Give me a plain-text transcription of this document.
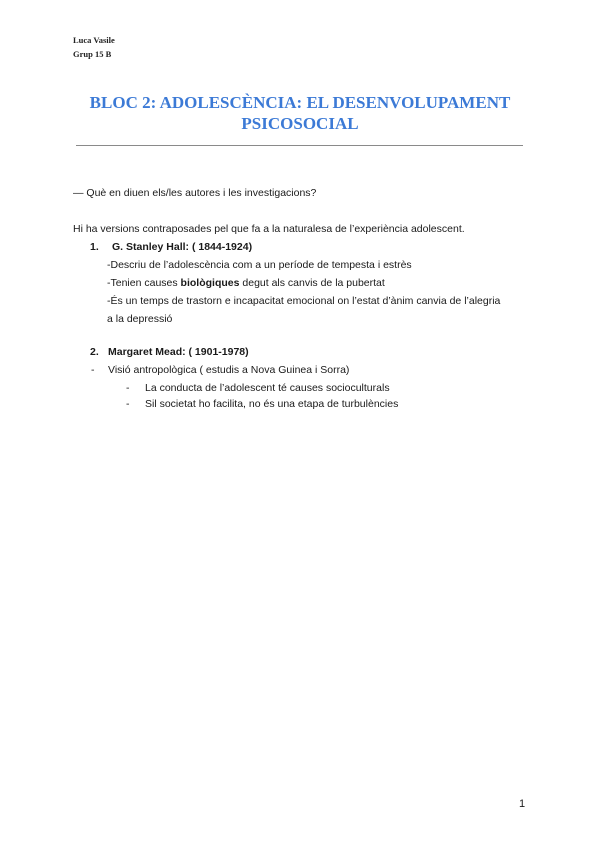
Luca Vasile
Grup 15 B
BLOC 2: ADOLESCÈNCIA: EL DESENVOLUPAMENT
PSICOSOCIAL
— Què en diuen els/les autores i les investigacions?
Hi ha versions contraposades pel que fa a la naturalesa de l’experiència adolescent.
1. G. Stanley Hall: ( 1844-1924)
-Descriu de l’adolescència com a un període de tempesta i estrès
-Tenien causes biològiques degut als canvis de la pubertat
-És un temps de trastorn e incapacitat emocional on l’estat d’ànim canvia de l’alegria
a la depressió
2. Margaret Mead: ( 1901-1978)
- Visió antropològica ( estudis a Nova Guinea i Sorra)
- La conducta de l’adolescent té causes socioculturals
- Sil societat ho facilita, no és una etapa de turbulències
1
